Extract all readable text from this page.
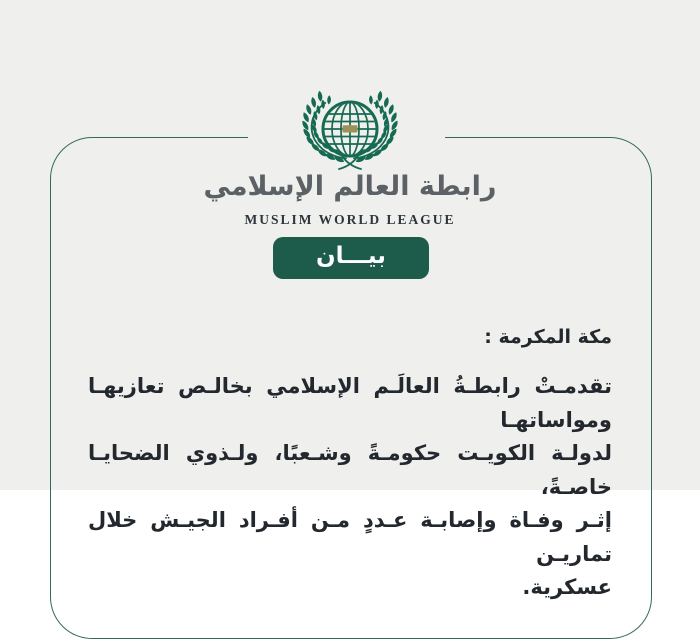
رابطة العالم الإسلامي
MUSLIM WORLD LEAGUE
بيـــان
مكة المكرمة :

تقدمـتْ رابطـةُ العالَـم الإسلامي بخالـص تعازيهـا ومواساتهـا

لدولـة الكويـت حكومـةً وشـعبًا، ولـذوي الضحايـا خاصـةً،

إثـر وفـاة وإصابـة عـددٍ مـن أفـراد الجيـش خلال تماريـن

عسكرية.
